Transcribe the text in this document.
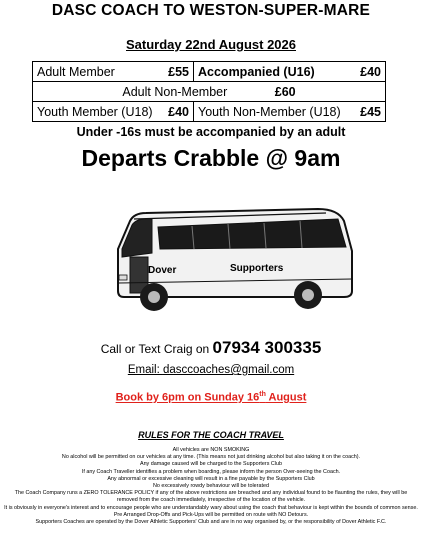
DASC COACH TO WESTON-SUPER-MARE
Saturday 22nd August 2026
Adult Member £55	Accompanied (U16) £40

Adult Non-Member £60	
Youth Member (U18) £40	Youth Non-Member (U18) £45
Under -16s must be accompanied by an adult
Departs Crabble @ 9am
Dover	Supporters
Call or Text Craig on 07934 300335
Email: dasccoaches@gmail.com
Book by 6pm on Sunday 16th August
RULES FOR THE COACH TRAVEL
All vehicles are NON SMOKING
No alcohol will be permitted on our vehicles at any time. (This means not just drinking alcohol but also taking it on the coach).
Any damage caused will be charged to the Supporters Club
If any Coach Traveller identifies a problem when boarding, please inform the person Over-seeing the Coach.
Any abnormal or excessive cleaning will result in a fine payable by the Supporters Club
No excessively rowdy behaviour will be tolerated
The Coach Company runs a ZERO TOLERANCE POLICY if any of the above restrictions are breached and any individual found to be flaunting the rules, they will be removed from the coach immediately, irrespective of the location of the vehicle.
It is obviously in everyone's interest and to encourage people who are understandably wary about using the coach that behaviour is kept within the bounds of common sense.
Pre Arranged Drop-Offs and Pick-Ups will be permitted on route with NO Detours.
Supporters Coaches are operated by the Dover Athletic Supporters' Club and are in no way organised by, or the responsibility of Dover Athletic F.C.
